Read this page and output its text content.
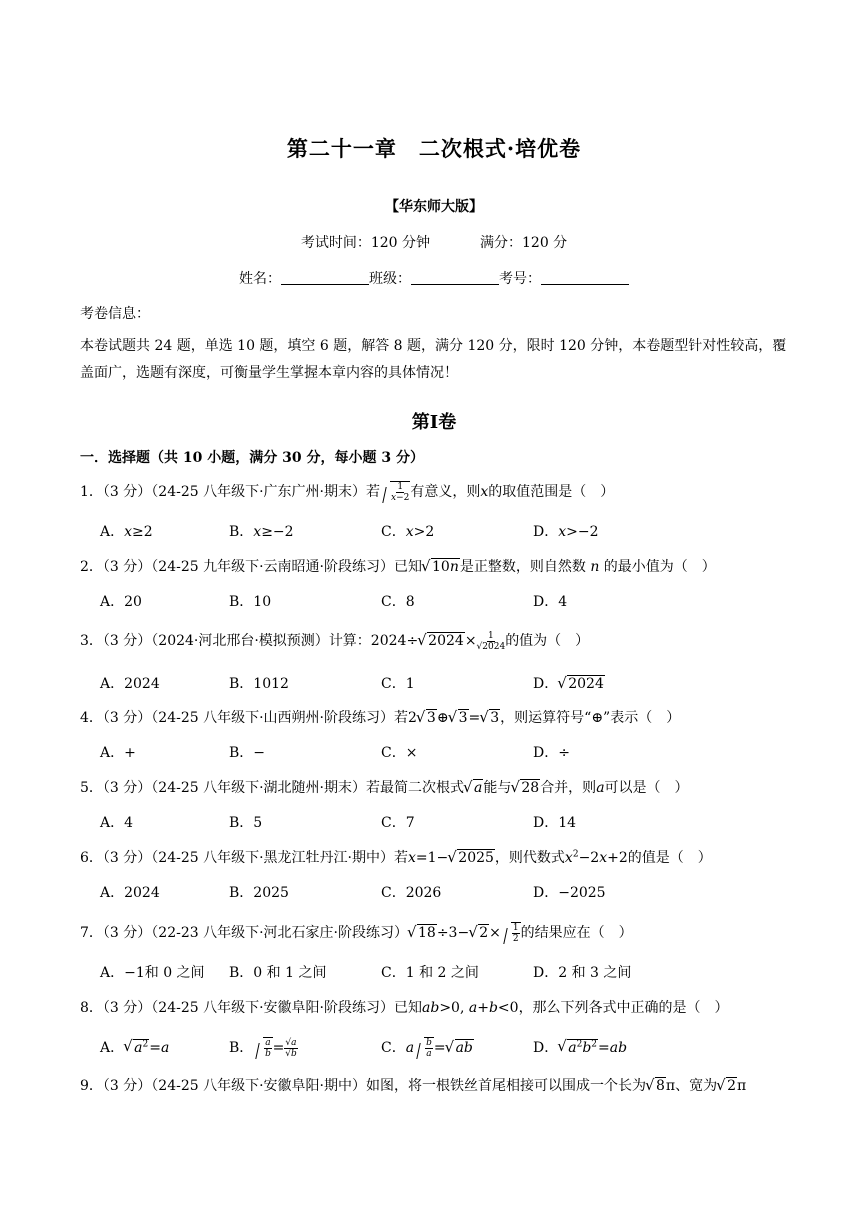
第二十一章　二次根式·培优卷
【华东师大版】
考试时间：120 分钟	满分：120 分
姓名：	班级：	考号：
考卷信息：
本卷试题共 24 题，单选 10 题，填空 6 题，解答 8 题，满分 120 分，限时 120 分钟，本卷题型针对性较高，覆盖面广，选题有深度，可衡量学生掌握本章内容的具体情况！
第Ⅰ卷
一．选择题（共 10 小题，满分 30 分，每小题 3 分）
1．（3 分）（24-25 八年级下·广东广州·期末）若 $\frac{1}{x-2}$ 有意义，则x的取值范围是（　）
A．x≥2	B．x≥−2	C．x>2	D．x>−2
2．（3 分）（24-25 九年级下·云南昭通·阶段练习）已知 √ 10n是正整数，则自然数 n 的最小值为（　）
A．20	B．10	C．8	D．4
3．（3 分）（2024·河北邢台·模拟预测）计算：2024÷ √ $2024\times \frac{1}{√2024}$ 的值为（　）
A．2024	B．1012	C．1	D． √ 2024
4．（3 分）（24-25 八年级下·山西朔州·阶段练习）若2 √ 3⊕ √ 3= √ 3，则运算符号“⊕”表示（　）
A．+	B．−	C．×	D．÷
5．（3 分）（24-25 八年级下·湖北随州·期末）若最简二次根式 √ a能与 √ 28合并，则a可以是（　）
A．4	B．5	C．7	D．14
6．（3 分）（24-25 八年级下·黑龙江牡丹江·期中）若x=1− √ 2025，则代数式$x^2-2x+2$的值是（　）
A．2024	B．2025	C．2026	D．−2025
7．（3 分）（22-23 八年级下·河北石家庄·阶段练习） √ 18÷3− √ $2\times \frac{1}{2}$ 的结果应在（　）
A．−1和 0 之间 B．0 和 1 之间	C．1 和 2 之间	D．2 和 3 之间
8．（3 分）（24-25 八年级下·安徽阜阳·阶段练习）已知ab>0, a+b<0，那么下列各式中正确的是（　）
A． √ $a^2=a$	B． $\frac{a}{b} = \frac{√a}{√b}$	C．a $\frac{b}{a}$ = √ ab	D． √ $a^2b^2=ab$
9．（3 分）（24-25 八年级下·安徽阜阳·期中）如图，将一根铁丝首尾相接可以围成一个长为 √ 8π、宽为 √ 2π
